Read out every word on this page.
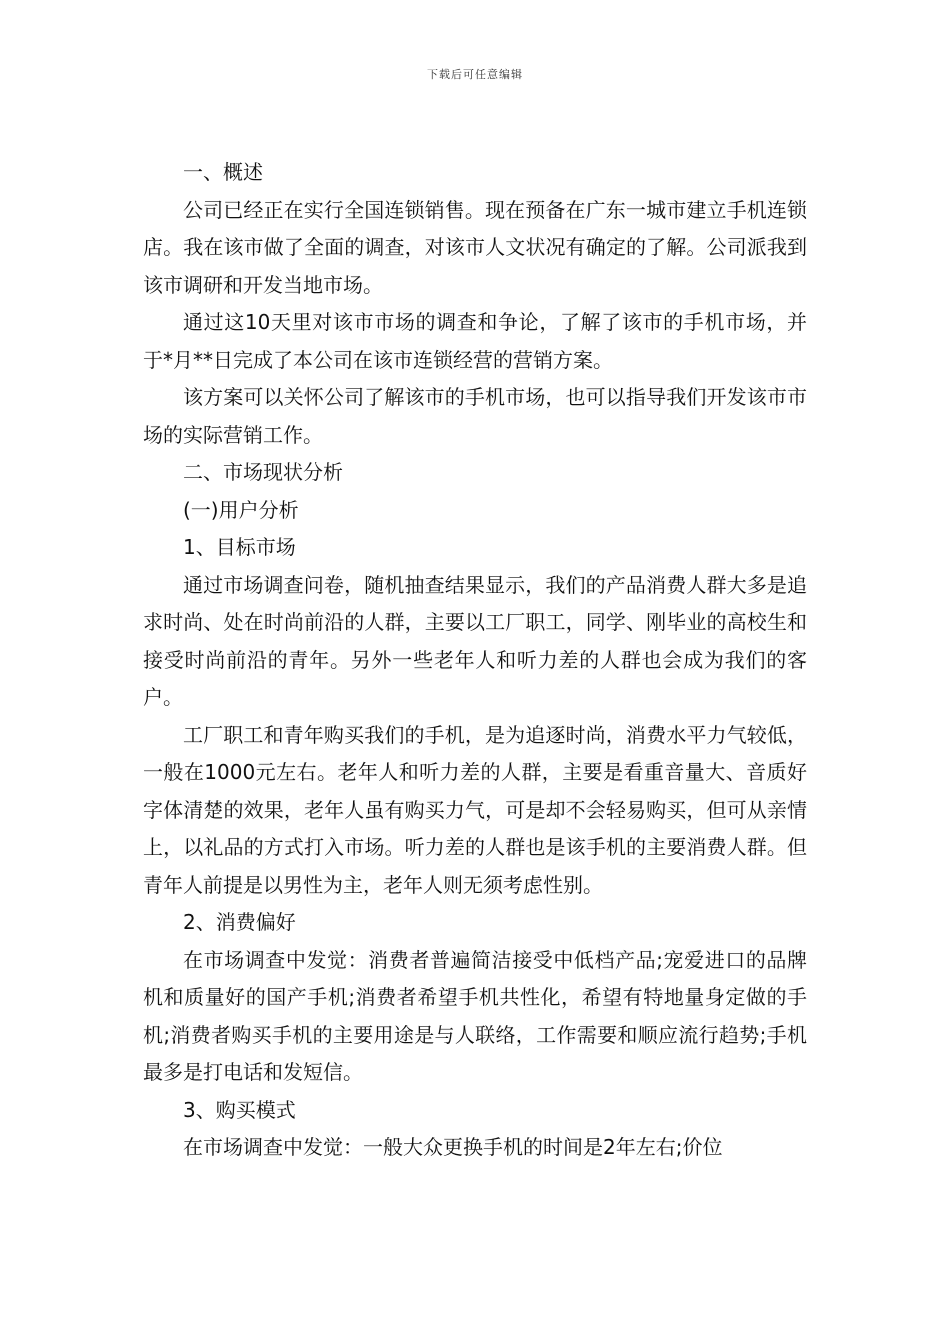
下载后可任意编辑

一、概述

公司已经正在实行全国连锁销售。现在预备在广东一城市建立手机连锁店。我在该市做了全面的调查，对该市人文状况有确定的了解。公司派我到该市调研和开发当地市场。

通过这10天里对该市市场的调查和争论，了解了该市的手机市场，并于*月**日完成了本公司在该市连锁经营的营销方案。

该方案可以关怀公司了解该市的手机市场，也可以指导我们开发该市市场的实际营销工作。

二、市场现状分析

(一)用户分析

1、目标市场

通过市场调查问卷，随机抽查结果显示，我们的产品消费人群大多是追求时尚、处在时尚前沿的人群，主要以工厂职工，同学、刚毕业的高校生和接受时尚前沿的青年。另外一些老年人和听力差的人群也会成为我们的客户。

工厂职工和青年购买我们的手机，是为追逐时尚，消费水平力气较低，一般在1000元左右。老年人和听力差的人群，主要是看重音量大、音质好字体清楚的效果，老年人虽有购买力气，可是却不会轻易购买，但可从亲情上，以礼品的方式打入市场。听力差的人群也是该手机的主要消费人群。但青年人前提是以男性为主，老年人则无须考虑性别。

2、消费偏好

在市场调查中发觉：消费者普遍简洁接受中低档产品;宠爱进口的品牌机和质量好的国产手机;消费者希望手机共性化，希望有特地量身定做的手机;消费者购买手机的主要用途是与人联络，工作需要和顺应流行趋势;手机最多是打电话和发短信。

3、购买模式

在市场调查中发觉：一般大众更换手机的时间是2年左右;价位
